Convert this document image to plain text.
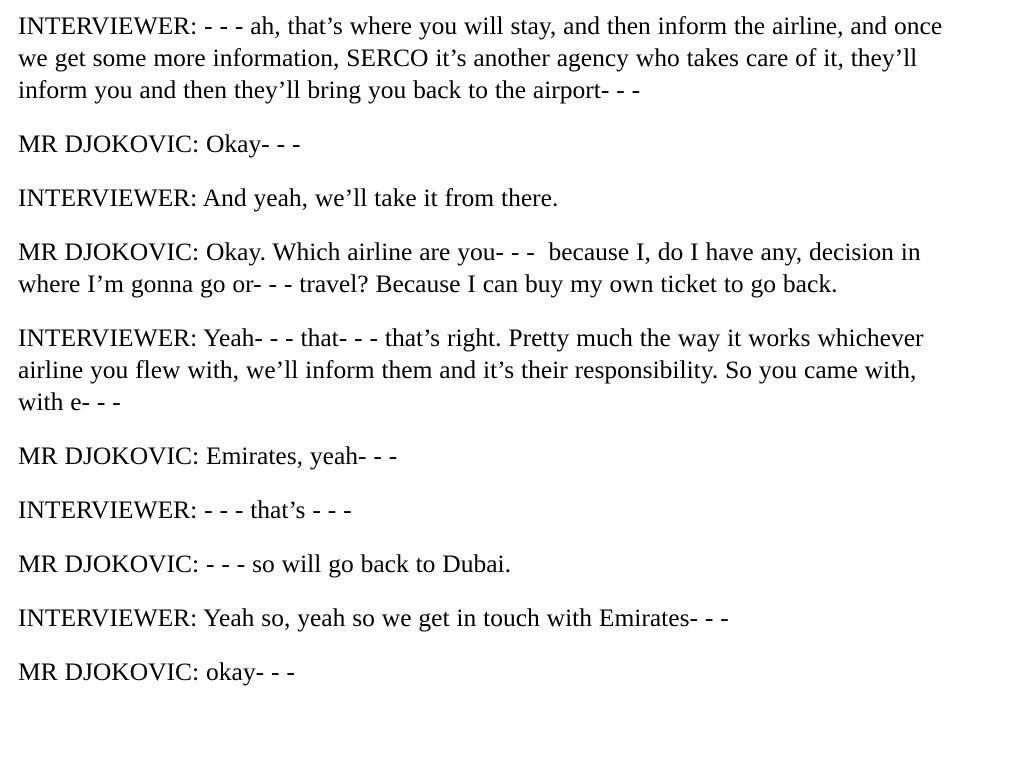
INTERVIEWER: - - - ah, that’s where you will stay, and then inform the airline, and once we get some more information, SERCO it’s another agency who takes care of it, they’ll inform you and then they’ll bring you back to the airport- - -

MR DJOKOVIC: Okay- - -

INTERVIEWER: And yeah, we’ll take it from there.

MR DJOKOVIC: Okay. Which airline are you- - -  because I, do I have any, decision in where I’m gonna go or- - - travel? Because I can buy my own ticket to go back.

INTERVIEWER: Yeah- - - that- - - that’s right. Pretty much the way it works whichever airline you flew with, we’ll inform them and it’s their responsibility. So you came with, with e- - -

MR DJOKOVIC: Emirates, yeah- - -

INTERVIEWER: - - - that’s - - -

MR DJOKOVIC: - - - so will go back to Dubai.

INTERVIEWER: Yeah so, yeah so we get in touch with Emirates- - -

MR DJOKOVIC: okay- - -
